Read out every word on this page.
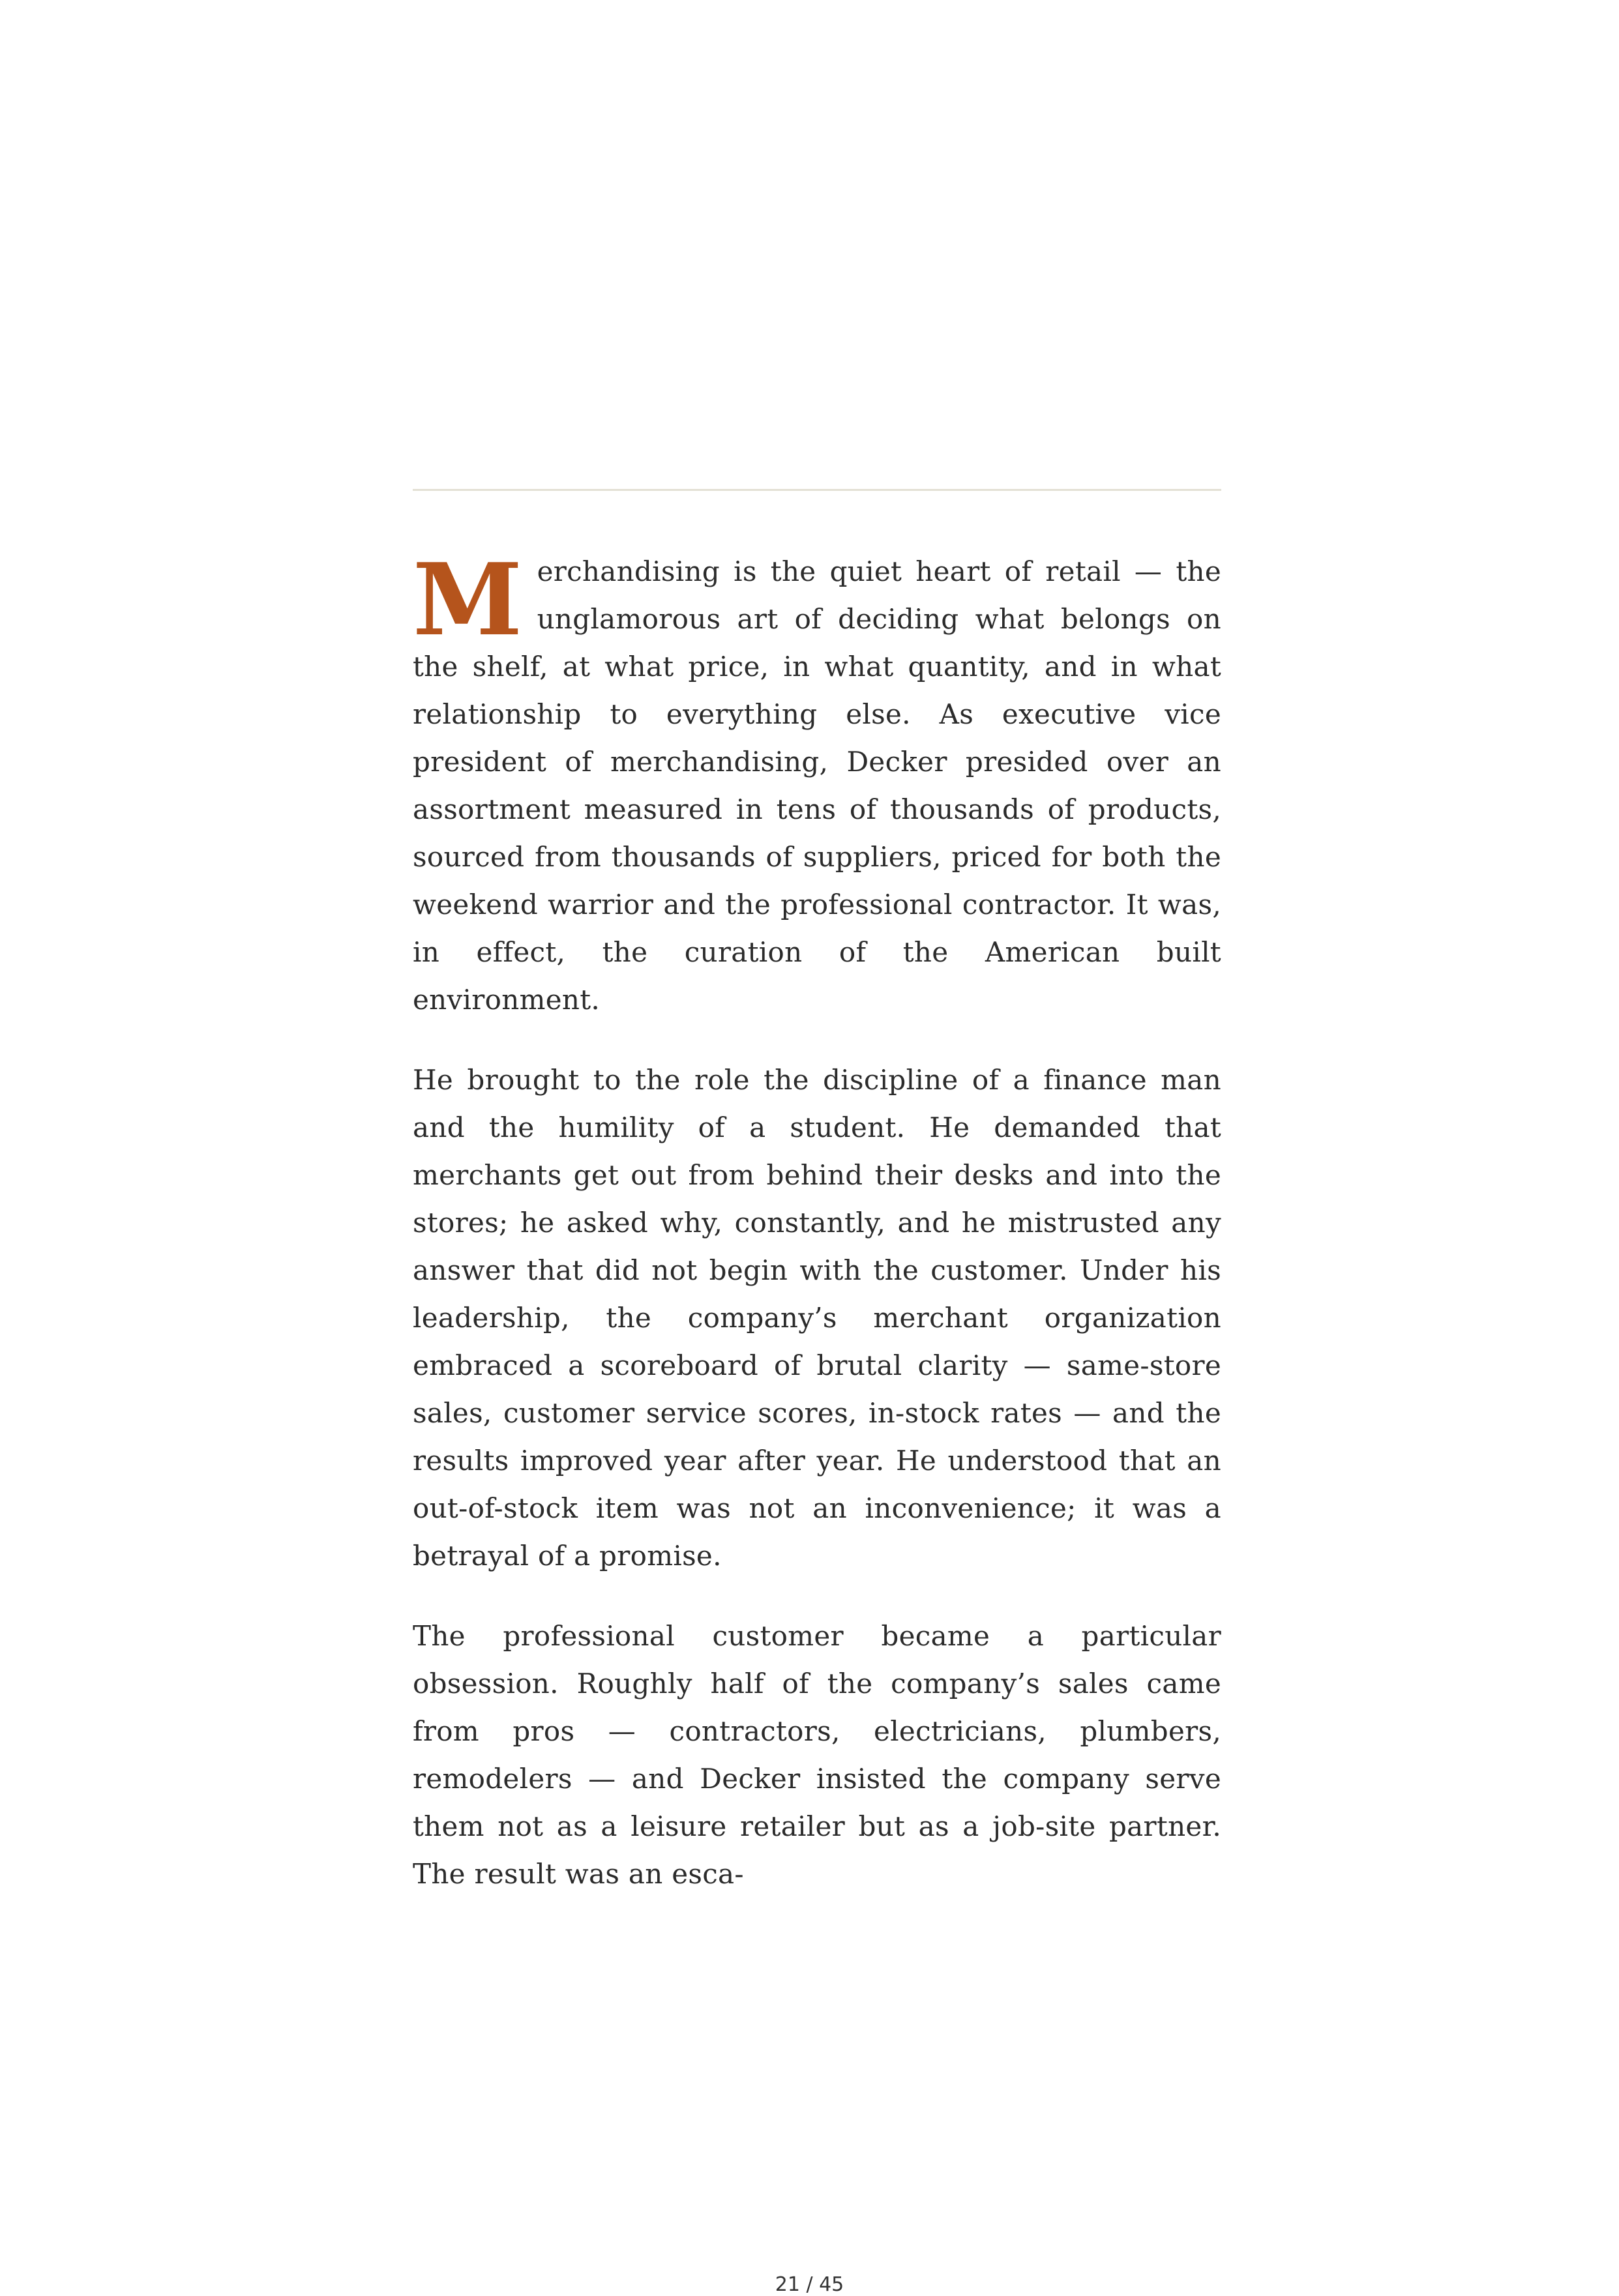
Merchandising is the quiet heart of retail — the unglamorous art of deciding what belongs on the shelf, at what price, in what quantity, and in what relationship to everything else. As executive vice president of merchandising, Decker presided over an assortment measured in tens of thousands of products, sourced from thousands of suppliers, priced for both the weekend warrior and the professional contractor. It was, in effect, the curation of the American built environment.

He brought to the role the discipline of a finance man and the humility of a student. He demanded that merchants get out from behind their desks and into the stores; he asked why, constantly, and he mistrusted any answer that did not begin with the customer. Under his leadership, the company’s merchant organization embraced a scoreboard of brutal clarity — same-store sales, customer service scores, in-stock rates — and the results improved year after year. He understood that an out-of-stock item was not an inconvenience; it was a betrayal of a promise.

The professional customer became a particular obsession. Roughly half of the company’s sales came from pros — contractors, electricians, plumbers, remodelers — and Decker insisted the company serve them not as a leisure retailer but as a job-site partner. The result was an esca-

21 / 45
